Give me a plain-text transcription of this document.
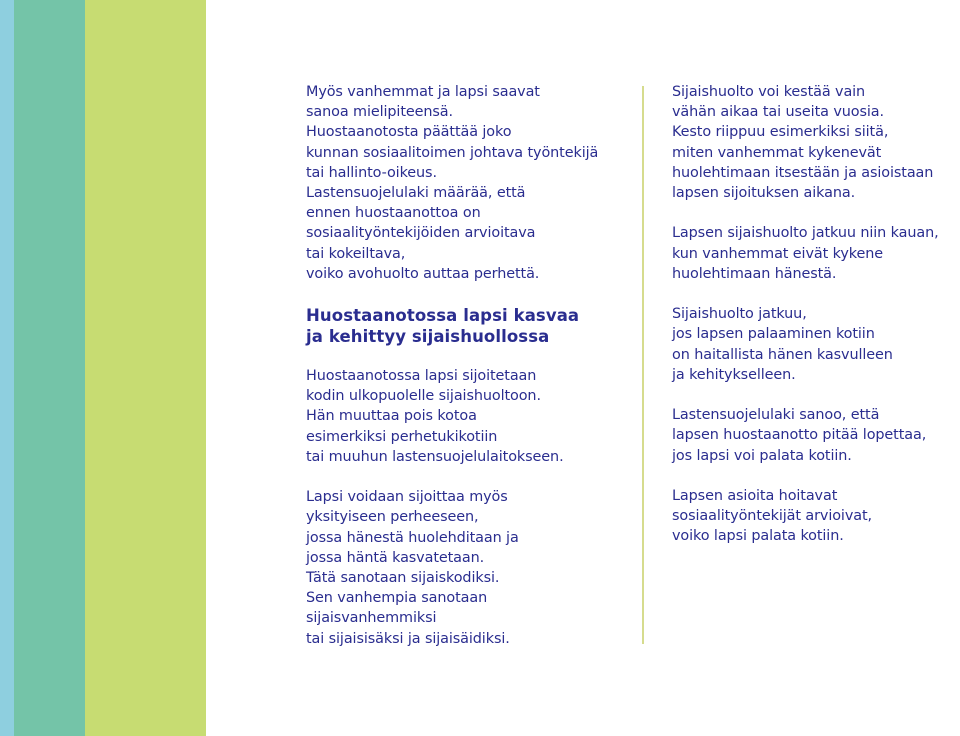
Myös vanhemmat ja lapsi saavat
sanoa mielipiteensä.
Huostaanotosta päättää joko
kunnan sosiaalitoimen johtava työntekijä
tai hallinto-oikeus.
Lastensuojelulaki määrää, että
ennen huostaanottoa on
sosiaalityöntekijöiden arvioitava
tai kokeiltava,
voiko avohuolto auttaa perhettä.

Huostaanotossa lapsi kasvaa
ja kehittyy sijaishuollossa

Huostaanotossa lapsi sijoitetaan
kodin ulkopuolelle sijaishuoltoon.
Hän muuttaa pois kotoa
esimerkiksi perhetukikotiin
tai muuhun lastensuojelulaitokseen.

Lapsi voidaan sijoittaa myös
yksityiseen perheeseen,
jossa hänestä huolehditaan ja
jossa häntä kasvatetaan.
Tätä sanotaan sijaiskodiksi.
Sen vanhempia sanotaan
sijaisvanhemmiksi
tai sijaisisäksi ja sijaisäidiksi.

Sijaishuolto voi kestää vain
vähän aikaa tai useita vuosia.
Kesto riippuu esimerkiksi siitä,
miten vanhemmat kykenevät
huolehtimaan itsestään ja asioistaan
lapsen sijoituksen aikana.

Lapsen sijaishuolto jatkuu niin kauan,
kun vanhemmat eivät kykene
huolehtimaan hänestä.

Sijaishuolto jatkuu,
jos lapsen palaaminen kotiin
on haitallista hänen kasvulleen
ja kehitykselleen.

Lastensuojelulaki sanoo, että
lapsen huostaanotto pitää lopettaa,
jos lapsi voi palata kotiin.

Lapsen asioita hoitavat
sosiaalityöntekijät arvioivat,
voiko lapsi palata kotiin.
